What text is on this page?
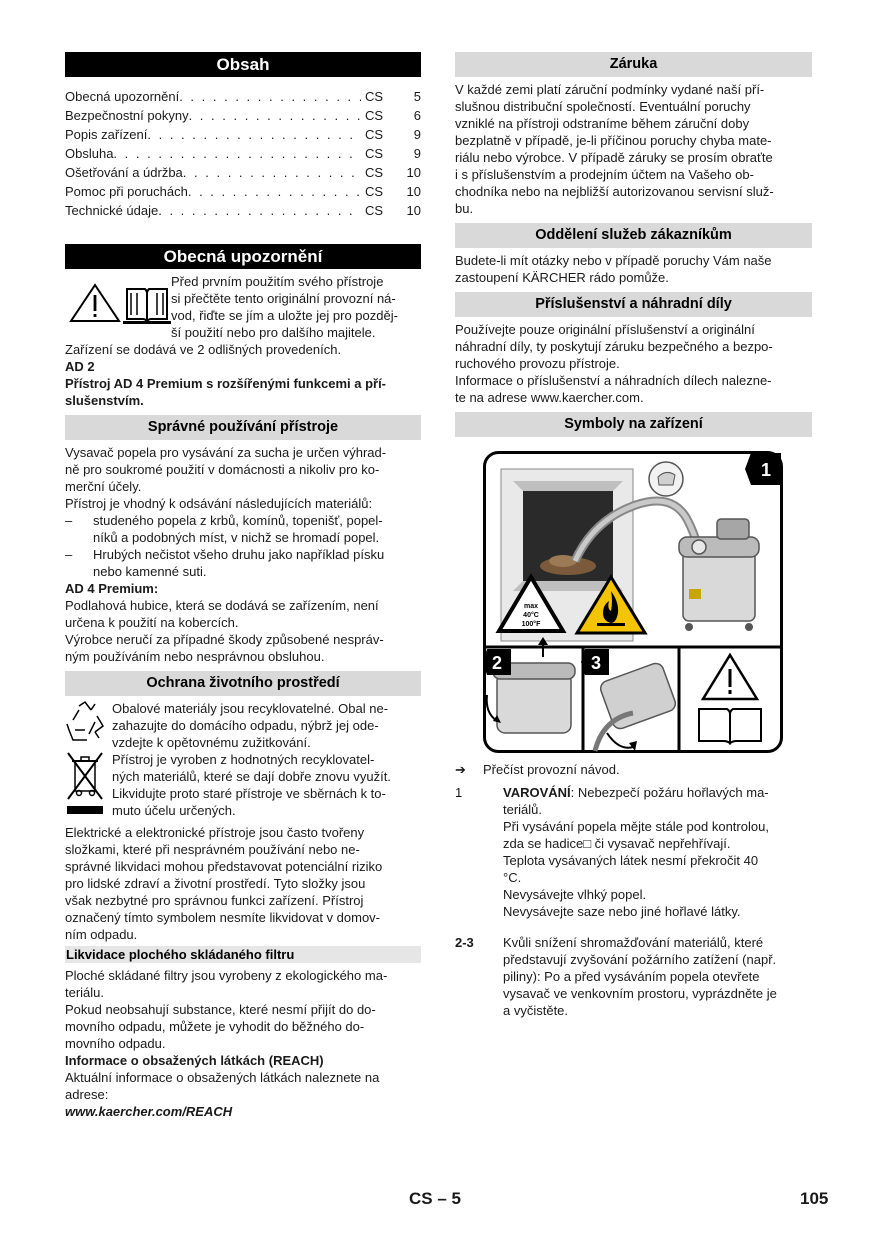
Obsah
Obecná upozornění . . .	CS	5
Bezpečnostní pokyny . . .	CS	6
Popis zařízení . . .	CS	9
Obsluha . . .	CS	9
Ošetřování a údržba . . .	CS	10
Pomoc při poruchách . . .	CS	10
Technické údaje . . .	CS	10
Obecná upozornění

Před prvním použitím svého přístroje

si přečtěte tento originální provozní ná-

vod, řiďte se jím a uložte jej pro pozděj-

ší použití nebo pro dalšího majitele.

Zařízení se dodává ve 2 odlišných provedeních.

AD 2

Přístroj AD 4 Premium s rozšířenými funkcemi a pří-

slušenstvím.

Správné používání přístroje

Vysavač popela pro vysávání za sucha je určen výhrad-

ně pro soukromé použití v domácnosti a nikoliv pro ko-

merční účely.

Přístroj je vhodný k odsávání následujících materiálů:

–	studeného popela z krbů, komínů, topenišť, popel-

níků a podobných míst, v nichž se hromadí popel.

–	Hrubých nečistot všeho druhu jako například písku

nebo kamenné suti.

AD 4 Premium:

Podlahová hubice, která se dodává se zařízením, není

určena k použití na kobercích.

Výrobce neručí za případné škody způsobené nespráv-

ným používáním nebo nesprávnou obsluhou.

Ochrana životního prostředí

Obalové materiály jsou recyklovatelné. Obal ne-

zahazujte do domácího odpadu, nýbrž jej ode-

vzdejte k opětovnému zužitkování.

Přístroj je vyroben z hodnotných recyklovatel-

ných materiálů, které se dají dobře znovu využít.

Likvidujte proto staré přístroje ve sběrnách k to-

muto účelu určených.

Elektrické a elektronické přístroje jsou často tvořeny

složkami, které při nesprávném používání nebo ne-

správné likvidaci mohou představovat potenciální riziko

pro lidské zdraví a životní prostředí. Tyto složky jsou

však nezbytné pro správnou funkci zařízení. Přístroj

označený tímto symbolem nesmíte likvidovat v domov-

ním odpadu.

Likvidace plochého skládaného filtru

Ploché skládané filtry jsou vyrobeny z ekologického ma-

teriálu.

Pokud neobsahují substance, které nesmí přijít do do-

movního odpadu, můžete je vyhodit do běžného do-

movního odpadu.

Informace o obsažených látkách (REACH)

Aktuální informace o obsažených látkách naleznete na

adrese:

www.kaercher.com/REACH

Záruka

V každé zemi platí záruční podmínky vydané naší pří-

slušnou distribuční společností. Eventuální poruchy

vzniklé na přístroji odstraníme během záruční doby

bezplatně v případě, je-li příčinou poruchy chyba mate-

riálu nebo výrobce. V případě záruky se prosím obraťte

i s příslušenstvím a prodejním účtem na Vašeho ob-

chodníka nebo na nejbližší autorizovanou servisní služ-

bu.

Oddělení služeb zákazníkům

Budete-li mít otázky nebo v případě poruchy Vám naše

zastoupení KÄRCHER rádo pomůže.

Příslušenství a náhradní díly

Používejte pouze originální příslušenství a originální

náhradní díly, ty poskytují záruku bezpečného a bezpo-

ruchového provozu přístroje.

Informace o příslušenství a náhradních dílech nalezne-

te na adrese www.kaercher.com.

Symboly na zařízení
1
max
40°C
100°F
2	3
➔	Přečíst provozní návod.
1	VAROVÁNÍ: Nebezpečí požáru hořlavých ma-

teriálů.

Při vysávání popela mějte stále pod kontrolou,

zda se hadice□ či vysavač nepřehřívají.

Teplota vysávaných látek nesmí překročit 40

°C.

Nevysávejte vlhký popel.

Nevysávejte saze nebo jiné hořlavé látky.

2-3	Kvůli snížení shromažďování materiálů, které

představují zvyšování požárního zatížení (např.

piliny): Po a před vysáváním popela otevřete

vysavač ve venkovním prostoru, vyprázdněte je

a vyčistěte.

CS – 5	105
